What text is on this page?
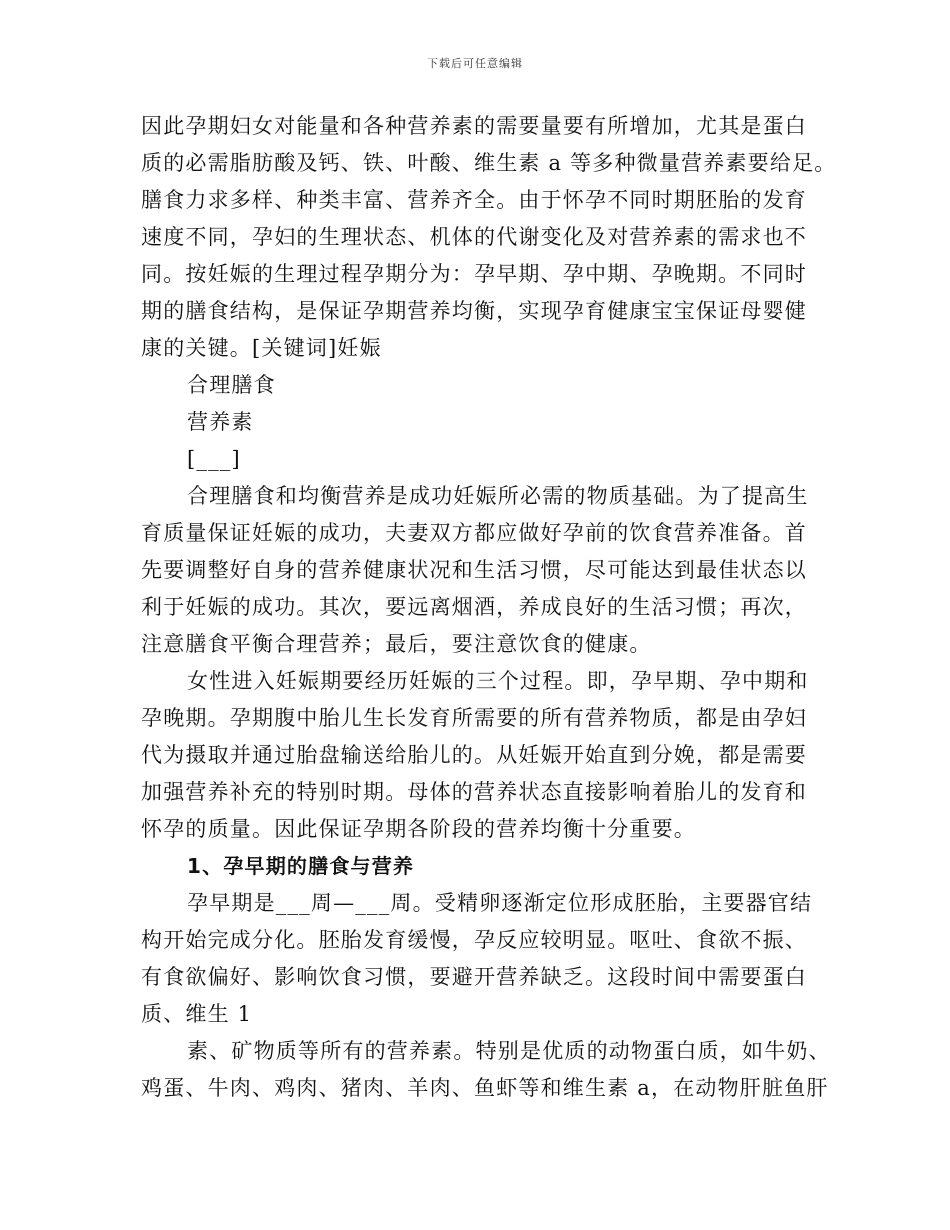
下载后可任意编辑
因此孕期妇女对能量和各种营养素的需要量要有所增加，尤其是蛋白
质的必需脂肪酸及钙、铁、叶酸、维生素 a 等多种微量营养素要给足。
膳食力求多样、种类丰富、营养齐全。由于怀孕不同时期胚胎的发育
速度不同，孕妇的生理状态、机体的代谢变化及对营养素的需求也不
同。按妊娠的生理过程孕期分为：孕早期、孕中期、孕晚期。不同时
期的膳食结构，是保证孕期营养均衡，实现孕育健康宝宝保证母婴健
康的关键。[关键词]妊娠
合理膳食
营养素
[___]
合理膳食和均衡营养是成功妊娠所必需的物质基础。为了提高生
育质量保证妊娠的成功，夫妻双方都应做好孕前的饮食营养准备。首
先要调整好自身的营养健康状况和生活习惯，尽可能达到最佳状态以
利于妊娠的成功。其次，要远离烟酒，养成良好的生活习惯；再次，
注意膳食平衡合理营养；最后，要注意饮食的健康。
女性进入妊娠期要经历妊娠的三个过程。即，孕早期、孕中期和
孕晚期。孕期腹中胎儿生长发育所需要的所有营养物质，都是由孕妇
代为摄取并通过胎盘输送给胎儿的。从妊娠开始直到分娩，都是需要
加强营养补充的特别时期。母体的营养状态直接影响着胎儿的发育和
怀孕的质量。因此保证孕期各阶段的营养均衡十分重要。
1、孕早期的膳食与营养
孕早期是___周—___周。受精卵逐渐定位形成胚胎，主要器官结
构开始完成分化。胚胎发育缓慢，孕反应较明显。呕吐、食欲不振、
有食欲偏好、影响饮食习惯，要避开营养缺乏。这段时间中需要蛋白
质、维生 1
素、矿物质等所有的营养素。特别是优质的动物蛋白质，如牛奶、
鸡蛋、牛肉、鸡肉、猪肉、羊肉、鱼虾等和维生素 a，在动物肝脏鱼肝
